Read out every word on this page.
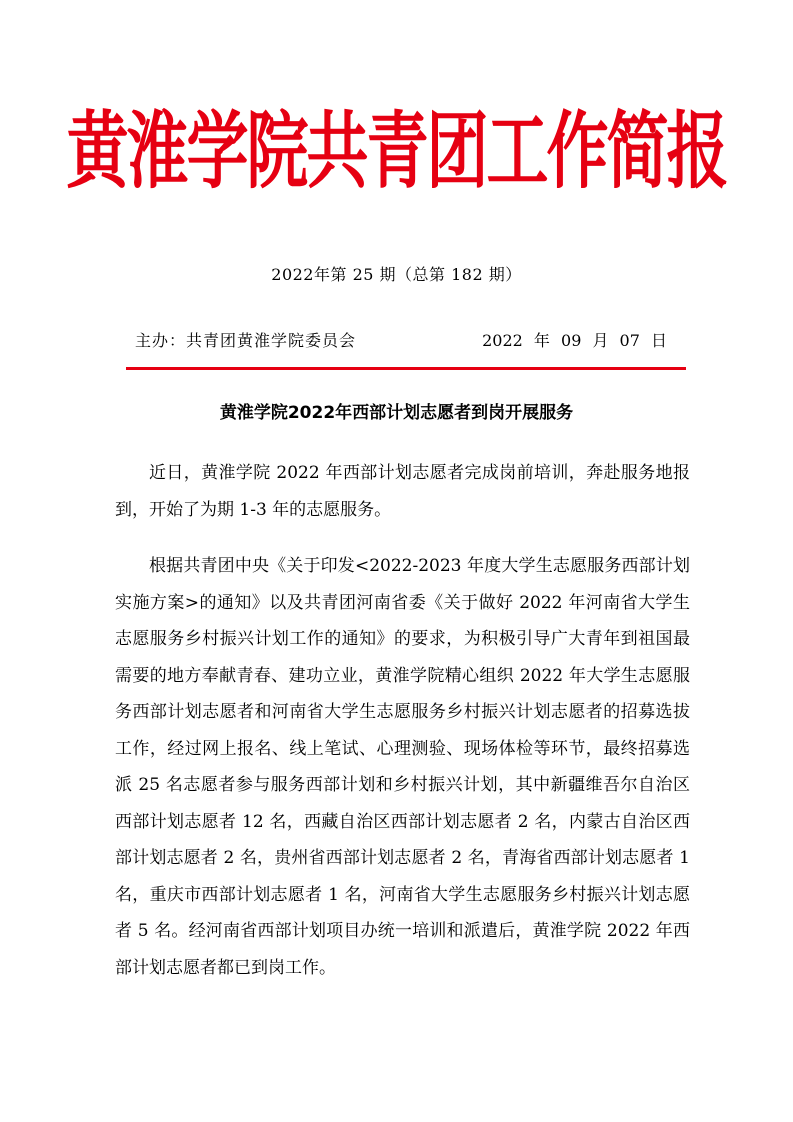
黄淮学院共青团工作简报
2022年第 25 期（总第 182 期）
主办：共青团黄淮学院委员会	2022 年 09 月 07 日
黄淮学院2022年西部计划志愿者到岗开展服务

近日，黄淮学院 2022 年西部计划志愿者完成岗前培训，奔赴服务地报到，开始了为期 1-3 年的志愿服务。

根据共青团中央《关于印发<2022-2023 年度大学生志愿服务西部计划实施方案>的通知》以及共青团河南省委《关于做好 2022 年河南省大学生志愿服务乡村振兴计划工作的通知》的要求，为积极引导广大青年到祖国最需要的地方奉献青春、建功立业，黄淮学院精心组织 2022 年大学生志愿服务西部计划志愿者和河南省大学生志愿服务乡村振兴计划志愿者的招募选拔工作，经过网上报名、线上笔试、心理测验、现场体检等环节，最终招募选派 25 名志愿者参与服务西部计划和乡村振兴计划，其中新疆维吾尔自治区西部计划志愿者 12 名，西藏自治区西部计划志愿者 2 名，内蒙古自治区西部计划志愿者 2 名，贵州省西部计划志愿者 2 名，青海省西部计划志愿者 1 名，重庆市西部计划志愿者 1 名，河南省大学生志愿服务乡村振兴计划志愿者 5 名。经河南省西部计划项目办统一培训和派遣后，黄淮学院 2022 年西部计划志愿者都已到岗工作。
